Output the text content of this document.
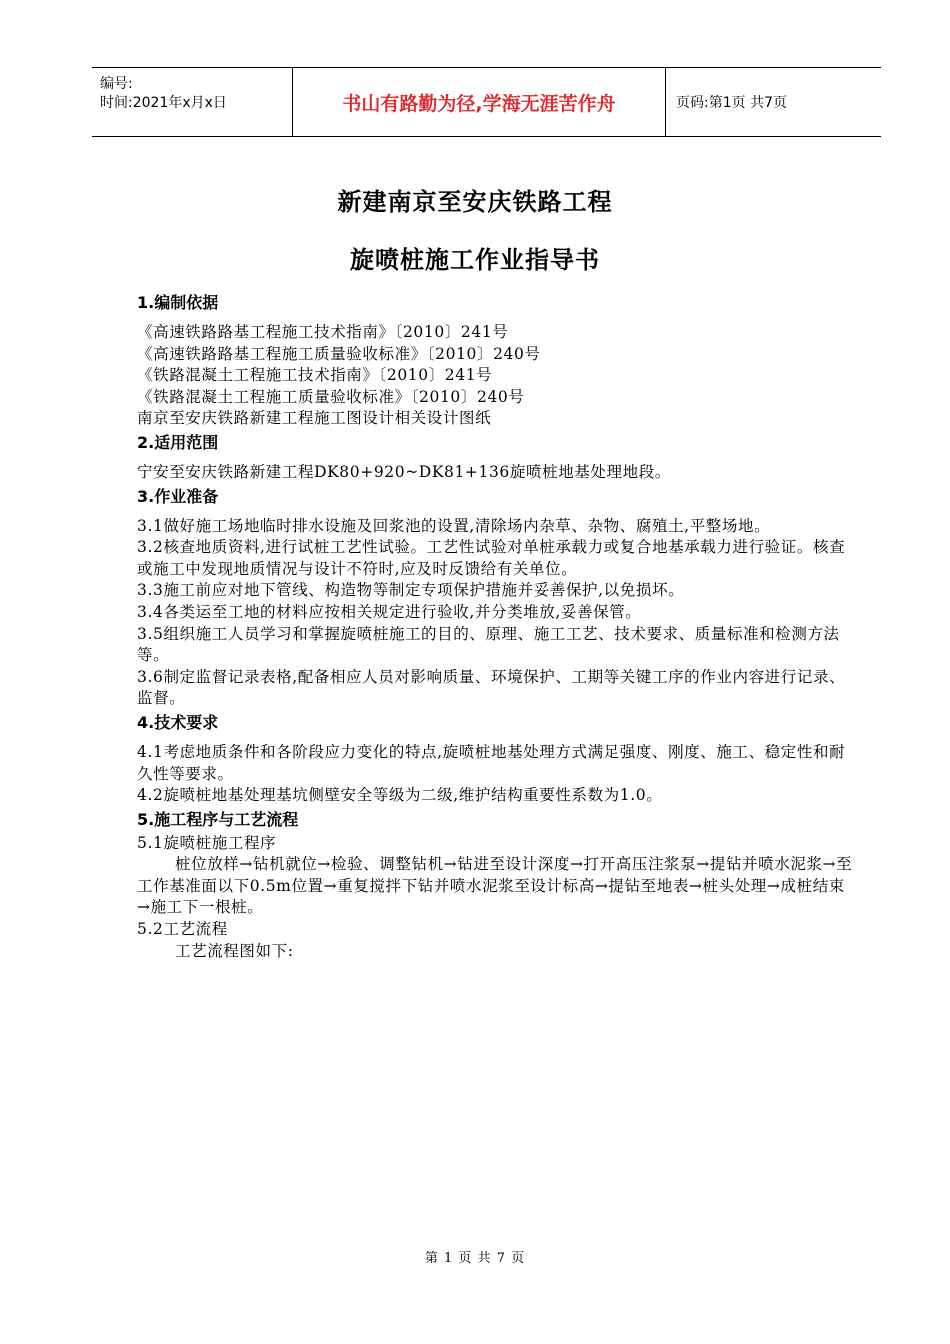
编号:
时间:2021年x月x日	书山有路勤为径,学海无涯苦作舟	页码:第1页 共7页
新建南京至安庆铁路工程
旋喷桩施工作业指导书
1.编制依据
《高速铁路路基工程施工技术指南》〔2010〕241号
《高速铁路路基工程施工质量验收标准》〔2010〕240号
《铁路混凝土工程施工技术指南》〔2010〕241号
《铁路混凝土工程施工质量验收标准》〔2010〕240号
南京至安庆铁路新建工程施工图设计相关设计图纸
2.适用范围
宁安至安庆铁路新建工程DK80+920~DK81+136旋喷桩地基处理地段。
3.作业准备
3.1做好施工场地临时排水设施及回浆池的设置,清除场内杂草、杂物、腐殖土,平整场地。
3.2核查地质资料,进行试桩工艺性试验。工艺性试验对单桩承载力或复合地基承载力进行验证。核查或施工中发现地质情况与设计不符时,应及时反馈给有关单位。
3.3施工前应对地下管线、构造物等制定专项保护措施并妥善保护,以免损坏。
3.4各类运至工地的材料应按相关规定进行验收,并分类堆放,妥善保管。
3.5组织施工人员学习和掌握旋喷桩施工的目的、原理、施工工艺、技术要求、质量标准和检测方法等。
3.6制定监督记录表格,配备相应人员对影响质量、环境保护、工期等关键工序的作业内容进行记录、监督。
4.技术要求
4.1考虑地质条件和各阶段应力变化的特点,旋喷桩地基处理方式满足强度、刚度、施工、稳定性和耐久性等要求。
4.2旋喷桩地基处理基坑侧壁安全等级为二级,维护结构重要性系数为1.0。
5.施工程序与工艺流程
5.1旋喷桩施工程序
桩位放样→钻机就位→检验、调整钻机→钻进至设计深度→打开高压注浆泵→提钻并喷水泥浆→至工作基准面以下0.5m位置→重复搅拌下钻并喷水泥浆至设计标高→提钻至地表→桩头处理→成桩结束→施工下一根桩。
5.2工艺流程
工艺流程图如下:
第 1 页 共 7 页
